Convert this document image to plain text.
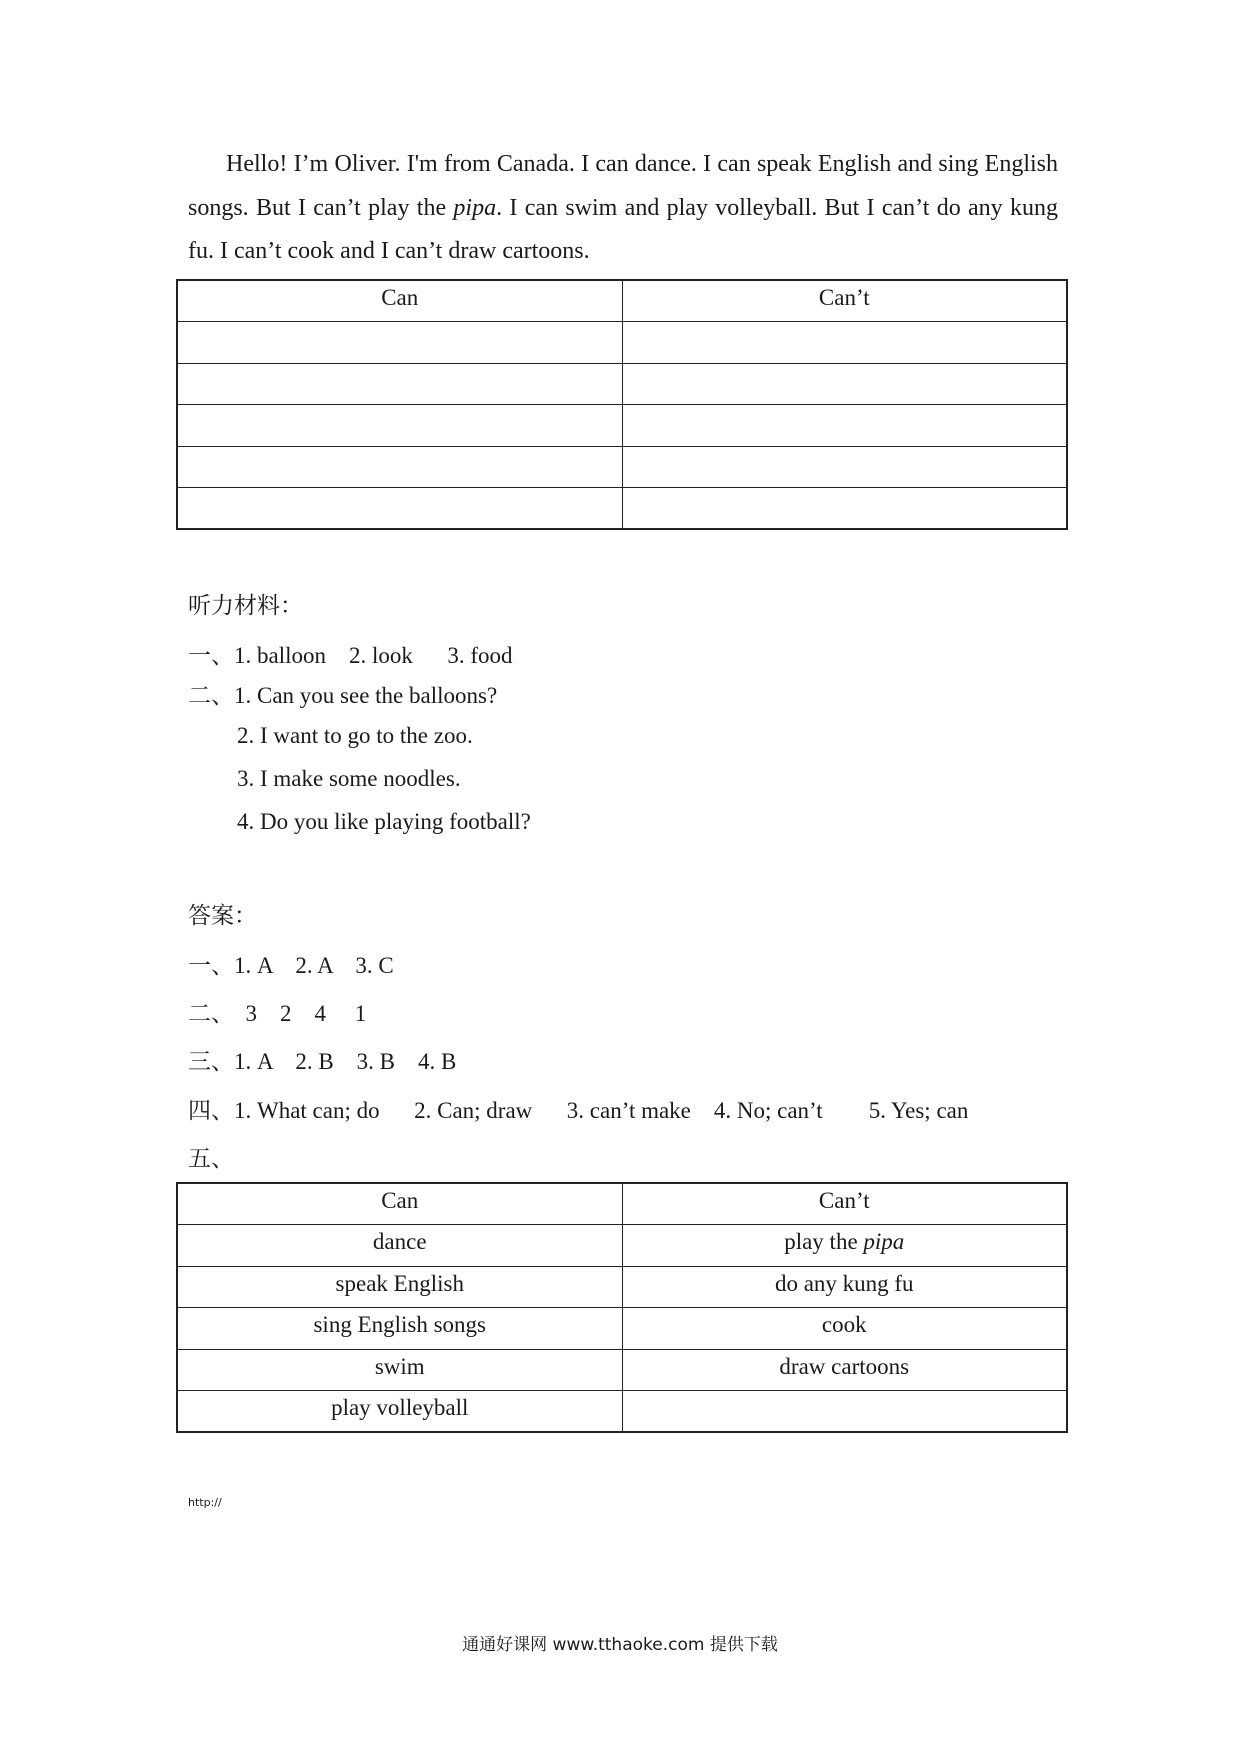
Hello! I’m Oliver. I'm from Canada. I can dance. I can speak English and sing English songs. But I can’t play the pipa. I can swim and play volleyball. But I can’t do any kung fu. I can’t cook and I can’t draw cartoons.
Can	Can’t

听力材料：
一、1. balloon    2. look      3. food
二、1. Can you see the balloons?
2. I want to go to the zoo.
3. I make some noodles.
4. Do you like playing football?
答案：
一、1. A    2. A    3. C
二、  3    2    4     1
三、1. A    2. B    3. B    4. B
四、1. What can; do      2. Can; draw      3. can’t make    4. No; can’t        5. Yes; can
五、
Can	Can’t
dance	play the pipa
speak English	do any kung fu
sing English songs	cook
swim	draw cartoons
play volleyball	
http://
通通好课网 www.tthaoke.com 提供下载
